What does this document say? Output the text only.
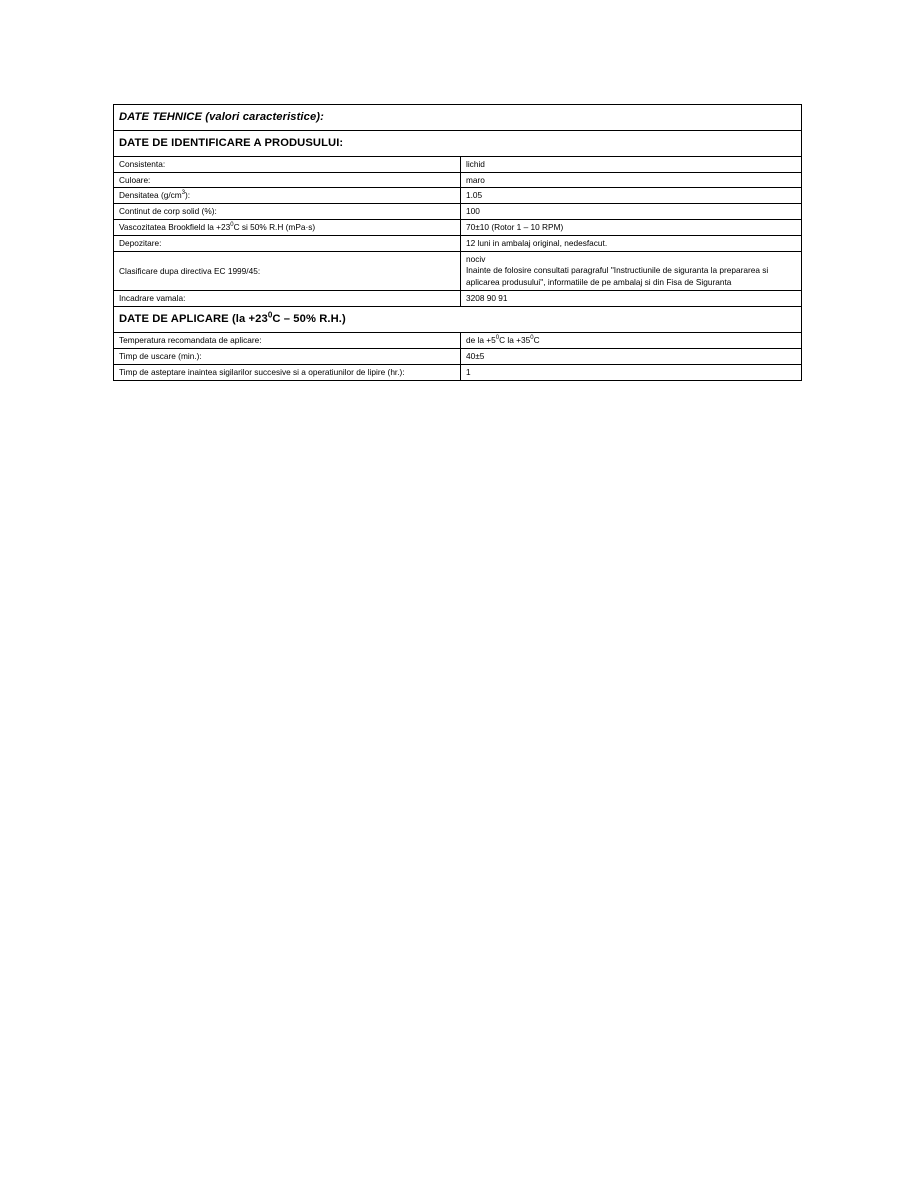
DATE TEHNICE (valori caracteristice):	
DATE DE IDENTIFICARE A PRODUSULUI:	
Consistenta:	lichid
Culoare:	maro
Densitatea $(g/cm^3)$:	1.05
Continut de corp solid (%):	100
Vascozitatea Brookfield la $+23^0C$ si 50% R.H (mPa·s)	70±10 (Rotor 1 – 10 RPM)
Depozitare:	12 luni in ambalaj original, nedesfacut.
Clasificare dupa directiva EC 1999/45:	nociv
Inainte de folosire consultati paragraful "Instructiunile de siguranta la prepararea si aplicarea produsului", informatiile de pe ambalaj si din Fisa de Siguranta

Incadrare vamala:	3208 90 91
DATE DE APLICARE ($la +23^0C - 50\%$ R.H.)	
Temperatura recomandata de aplicare:	de la $+5^0C$ la $+35^0C$
Timp de uscare (min.):	40±5
Timp de asteptare inaintea sigilarilor succesive si a operatiunilor de lipire (hr.):	1
